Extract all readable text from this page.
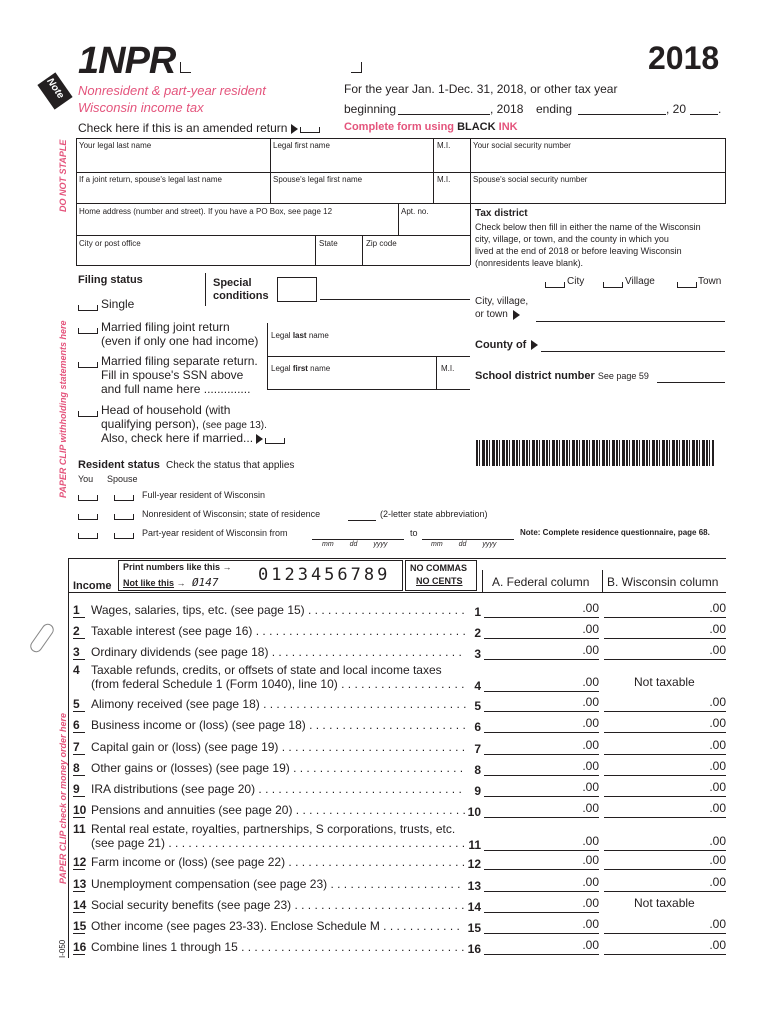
1NPR	2018
Note Nonresident & part-year resident
Wisconsin income tax
For the year Jan. 1-Dec. 31, 2018, or other tax year
beginning	, 2018 ending	, 20	.
Check here if this is an amended return	Complete form using BLACK INK
DO NOT STAPLE
PAPER CLIP withholding statements here
PAPER CLIP check or money order here
I-050
Your legal last name	Legal first name	M.I.	Your social security number
If a joint return, spouse's legal last name	Spouse's legal first name	M.I.	Spouse's social security number
Home address (number and street). If you have a PO Box, see page 12	Apt. no.
City or post office	State	Zip code
Tax district
Check below then fill in either the name of the Wisconsin
city, village, or town, and the county in which you
lived at the end of 2018 or before leaving Wisconsin
(nonresidents leave blank).
City	Village	Town
City, village,
or town
County of
School district number See page 59
Filing status	Special
conditions
Single
Married filing joint return
(even if only one had income)
Married filing separate return.
Fill in spouse's SSN above
and full name here ..............
Legal last name
Legal first name	M.I.
Head of household (with
qualifying person), (see page 13).
Also, check here if married...
Resident status Check the status that applies
You Spouse
Full-year resident of Wisconsin
Nonresident of Wisconsin; state of residence	(2-letter state abbreviation)
Part-year resident of Wisconsin from	to
mm dd yyyy	mm dd yyyy
Note: Complete residence questionnaire, page 68.
Income
Print numbers like this →
Not like this → Ø147 0123456789 NO COMMAS
NO CENTS A. Federal column B. Wisconsin column
1 Wages, salaries, tips, etc. (see page 15) . . . . . . . . . . . . . . . . . . . . . . . . 1	.00	.00
2 Taxable interest (see page 16) . . . . . . . . . . . . . . . . . . . . . . . . . . . . . . . . 2	.00	.00
3 Ordinary dividends (see page 18) . . . . . . . . . . . . . . . . . . . . . . . . . . . . .	3	.00	.00
4 Taxable refunds, credits, or offsets of state and local income taxes
(from federal Schedule 1 (Form 1040), line 10) . . . . . . . . . . . . . . . . . . . 4	.00	Not taxable
5 Alimony received (see page 18) . . . . . . . . . . . . . . . . . . . . . . . . . . . . . . . 5	.00	.00
6 Business income or (loss) (see page 18) . . . . . . . . . . . . . . . . . . . . . . . . 6	.00	.00
7 Capital gain or (loss) (see page 19) . . . . . . . . . . . . . . . . . . . . . . . . . . . . 7	.00	.00
8 Other gains or (losses) (see page 19) . . . . . . . . . . . . . . . . . . . . . . . . . . 8	.00	.00
9 IRA distributions (see page 20) . . . . . . . . . . . . . . . . . . . . . . . . . . . . . . .	9	.00	.00
10 Pensions and annuities (see page 20) . . . . . . . . . . . . . . . . . . . . . . . . . . 10	.00	.00
11 Rental real estate, royalties, partnerships, S corporations, trusts, etc.
(see page 21) . . . . . . . . . . . . . . . . . . . . . . . . . . . . . . . . . . . . . . . . . . . . . 11	.00	.00
12 Farm income or (loss) (see page 22) . . . . . . . . . . . . . . . . . . . . . . . . . . . 12	.00	.00
13 Unemployment compensation (see page 23) . . . . . . . . . . . . . . . . . . . . 13	.00	.00
14 Social security benefits (see page 23) . . . . . . . . . . . . . . . . . . . . . . . . . . 14	.00	Not taxable
15 Other income (see pages 23-33). Enclose Schedule M . . . . . . . . . . . . 15	.00	.00
16 Combine lines 1 through 15 . . . . . . . . . . . . . . . . . . . . . . . . . . . . . . . . . . 16	.00	.00
